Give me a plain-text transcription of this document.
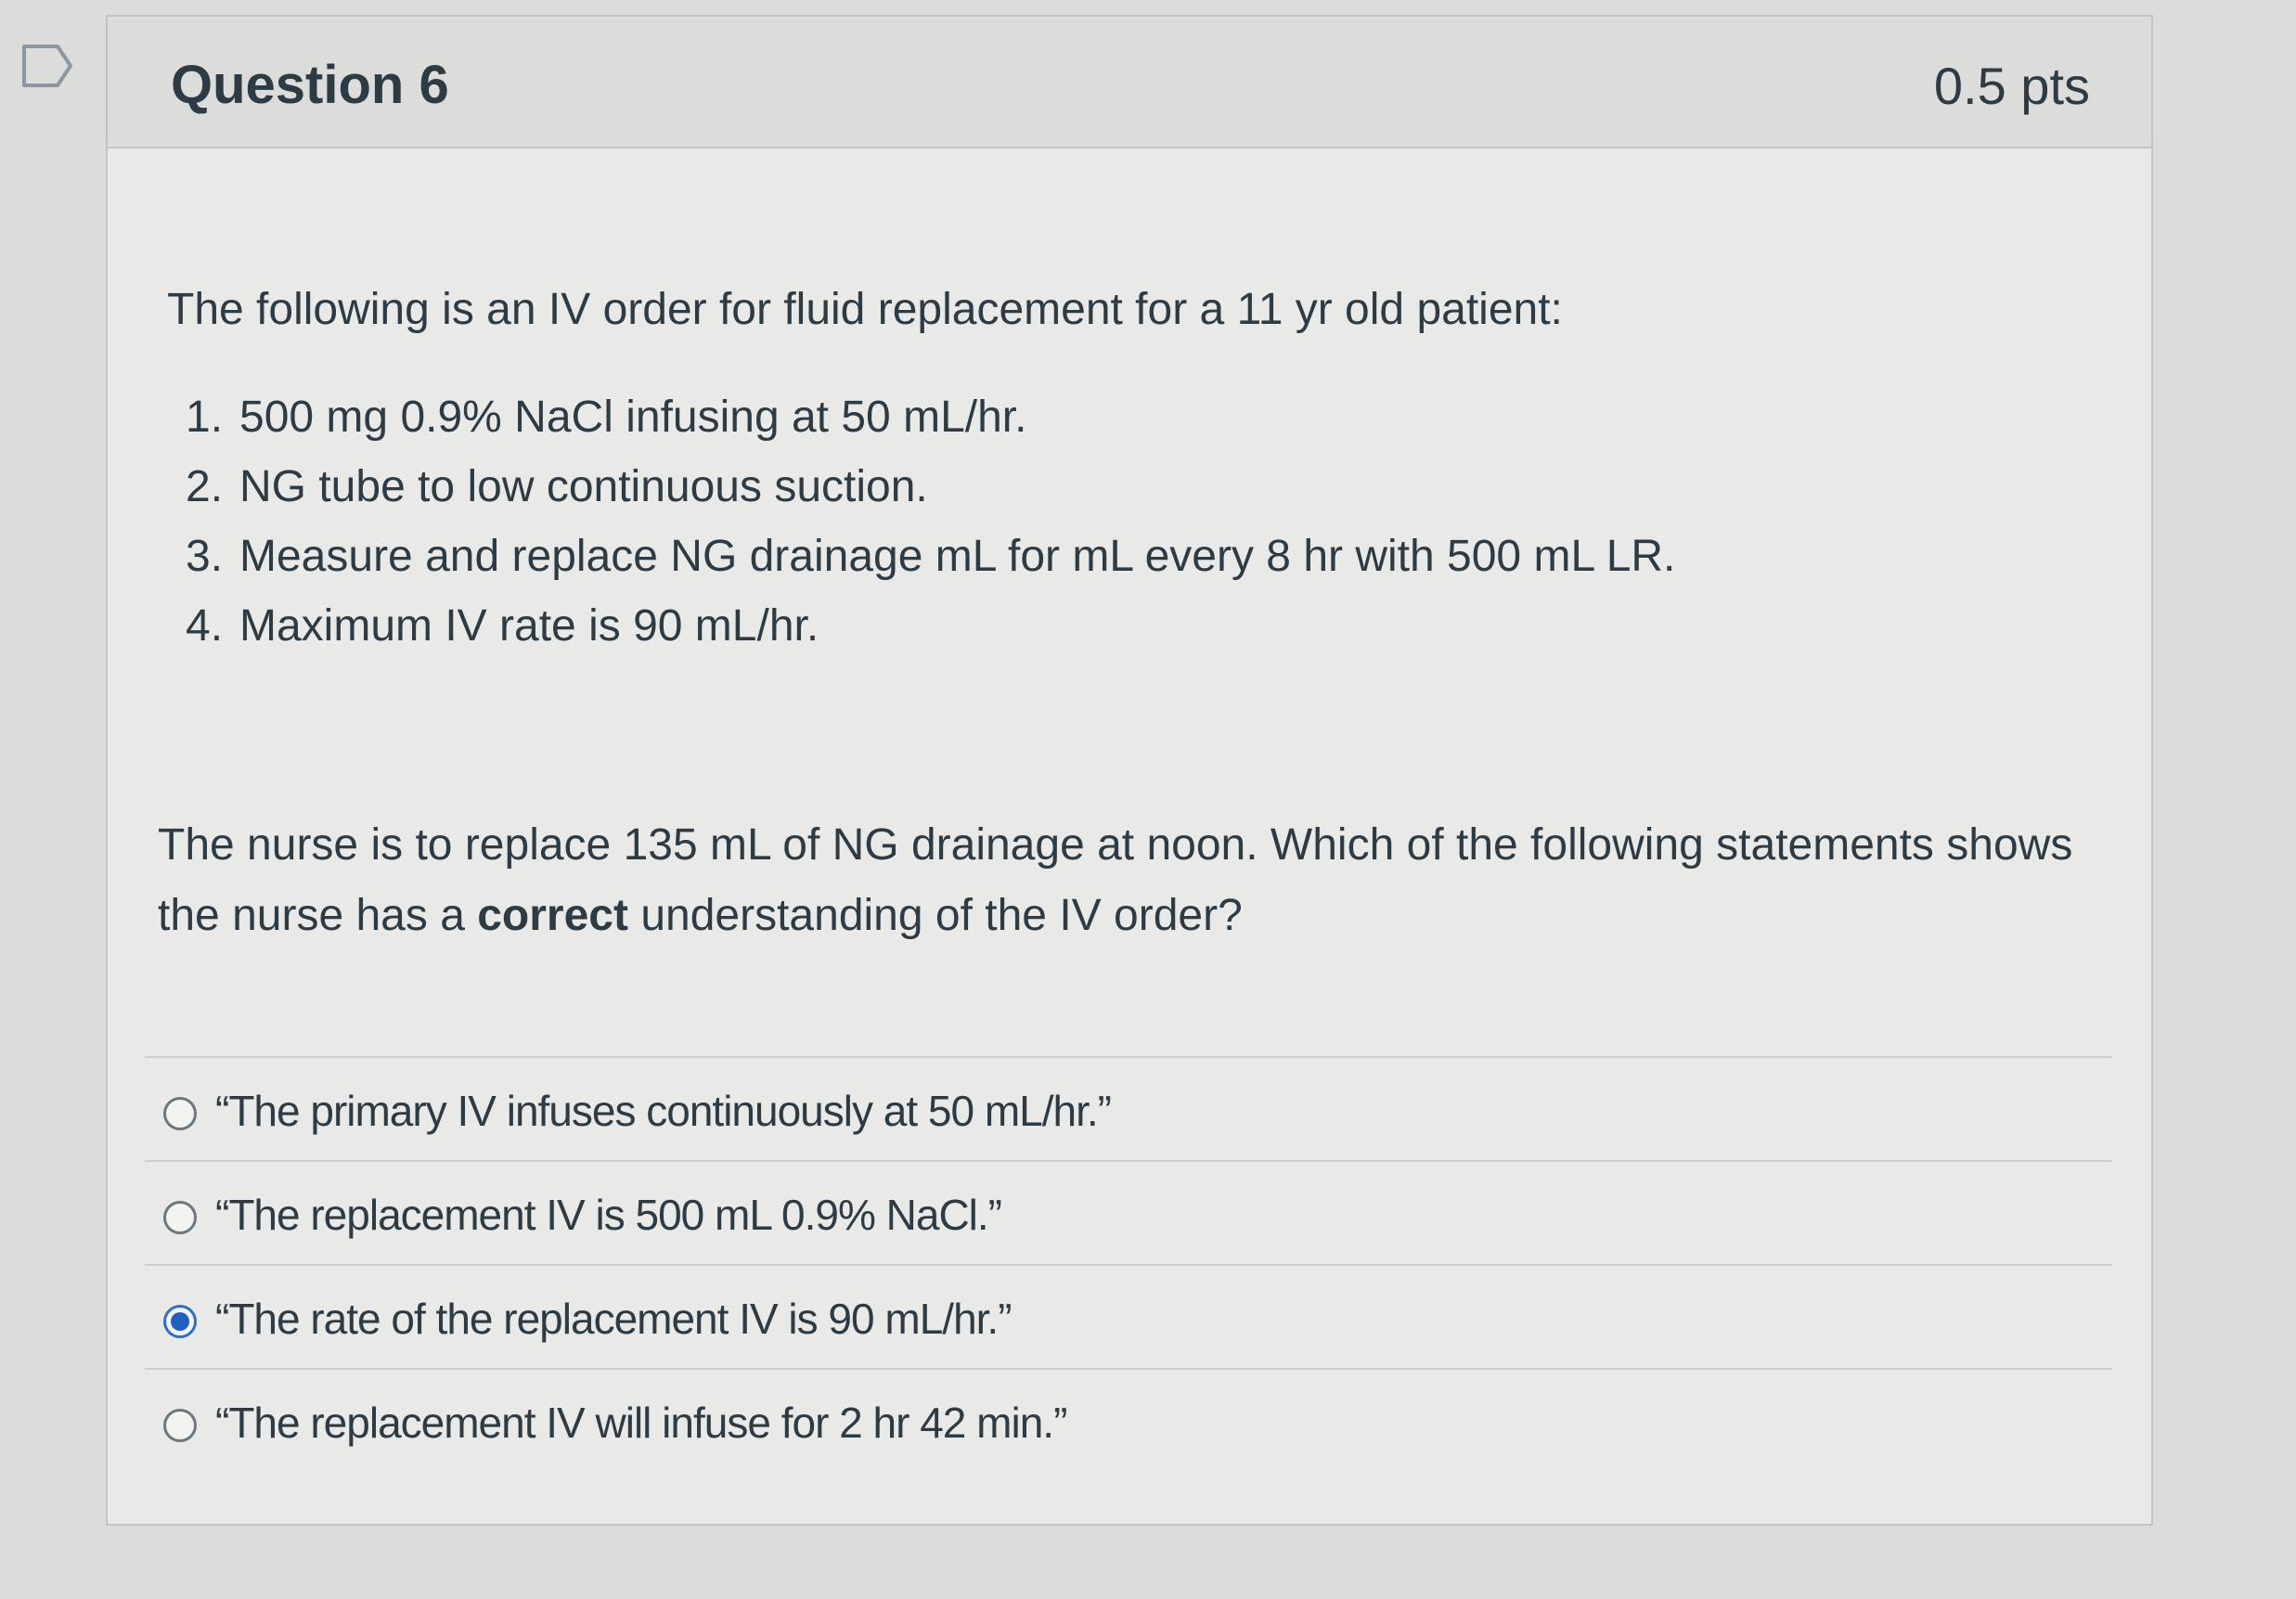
Question 6	0.5 pts
The following is an IV order for fluid replacement for a 11 yr old patient:
1. 500 mg 0.9% NaCl infusing at 50 mL/hr.
2. NG tube to low continuous suction.
3. Measure and replace NG drainage mL for mL every 8 hr with 500 mL LR.
4. Maximum IV rate is 90 mL/hr.
The nurse is to replace 135 mL of NG drainage at noon. Which of the following statements shows the nurse has a correct understanding of the IV order?
“The primary IV infuses continuously at 50 mL/hr.”
“The replacement IV is 500 mL 0.9% NaCl.”
“The rate of the replacement IV is 90 mL/hr.”
“The replacement IV will infuse for 2 hr 42 min.”
